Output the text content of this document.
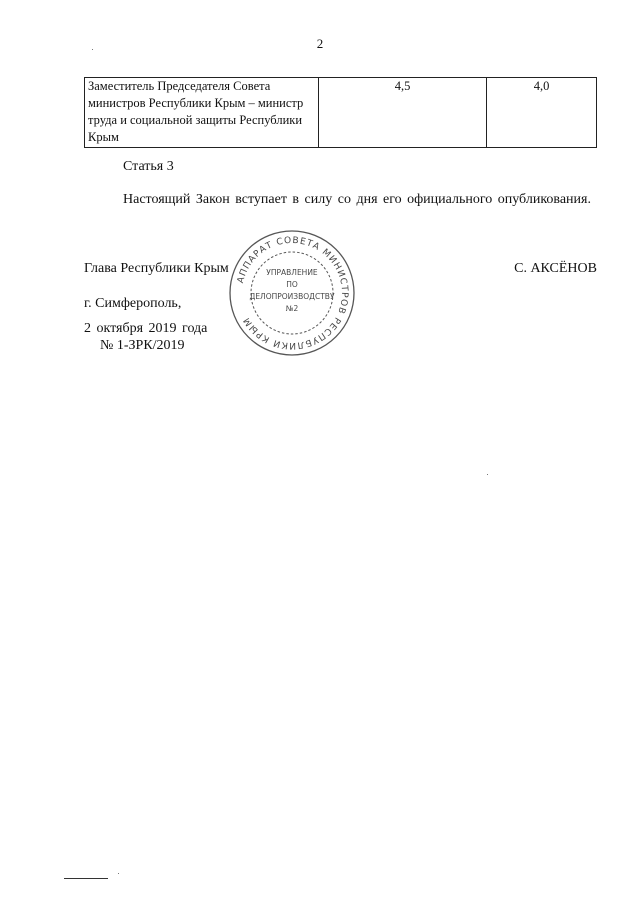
2
Заместитель Председателя Совета министров Республики Крым – министр труда и социальной защиты Республики Крым	4,5	4,0
Статья 3
Настоящий Закон вступает в силу со дня его официального опубликования.
Глава Республики Крым	С. АКСЁНОВ
г. Симферополь,
2 октября 2019 года
№ 1-ЗРК/2019
АППАРАТ СОВЕТА МИНИСТРОВ РЕСПУБЛИКИ КРЫМ
УПРАВЛЕНИЕ
ПО
ДЕЛОПРОИЗВОДСТВУ
№2
